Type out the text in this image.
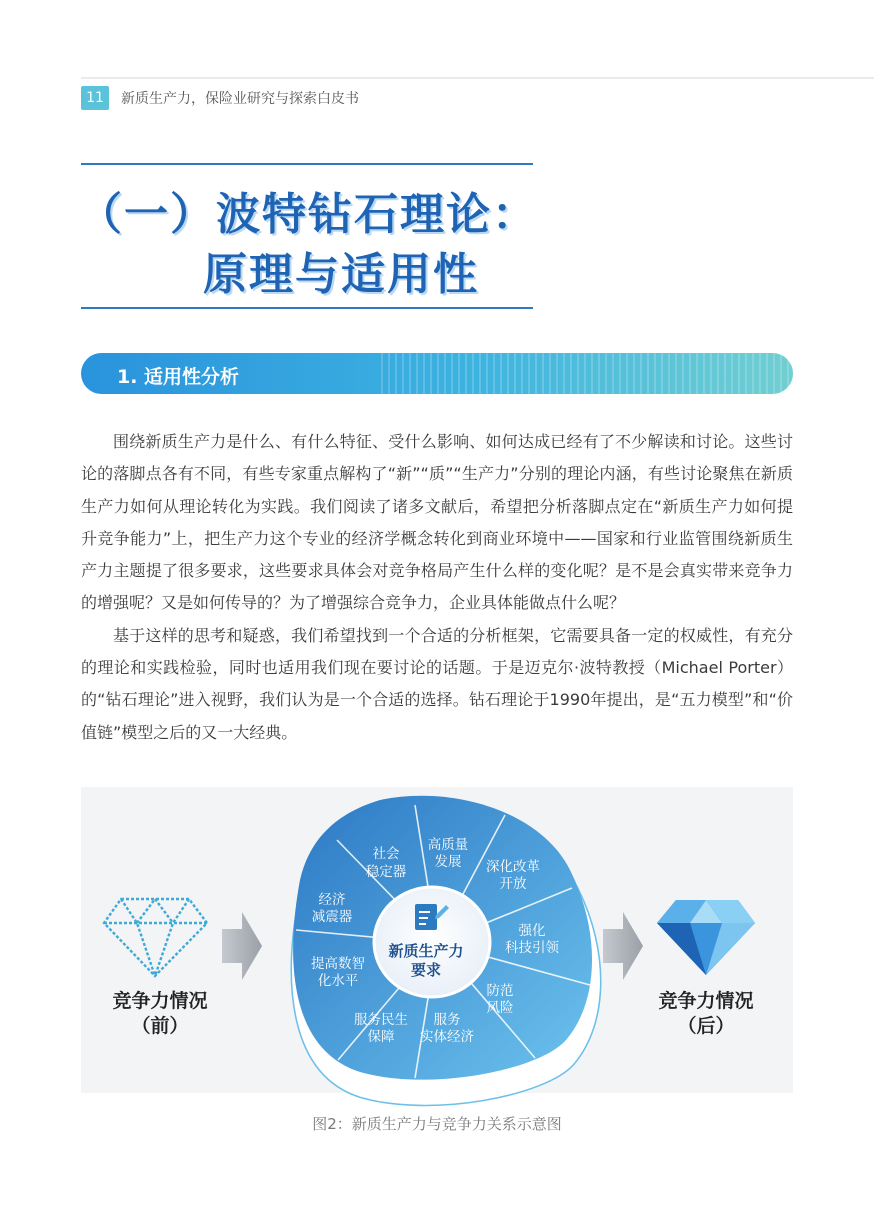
11	新质生产力，保险业研究与探索白皮书
（一）波特钻石理论：
原理与适用性
1. 适用性分析

围绕新质生产力是什么、有什么特征、受什么影响、如何达成已经有了不少解读和讨论。这些讨论的落脚点各有不同，有些专家重点解构了“新”“质”“生产力”分别的理论内涵，有些讨论聚焦在新质生产力如何从理论转化为实践。我们阅读了诸多文献后，希望把分析落脚点定在“新质生产力如何提升竞争能力”上，把生产力这个专业的经济学概念转化到商业环境中——国家和行业监管围绕新质生产力主题提了很多要求，这些要求具体会对竞争格局产生什么样的变化呢？是不是会真实带来竞争力的增强呢？又是如何传导的？为了增强综合竞争力，企业具体能做点什么呢？

基于这样的思考和疑惑，我们希望找到一个合适的分析框架，它需要具备一定的权威性，有充分的理论和实践检验，同时也适用我们现在要讨论的话题。于是迈克尔·波特教授（Michael Porter）的“钻石理论”进入视野，我们认为是一个合适的选择。钻石理论于1990年提出，是“五力模型”和“价值链”模型之后的又一大经典。

新质生产力
要求
社会
稳定器
高质量
发展 深化改革
开放
强化
科技引领
防范
风险
服务
实体经济
服务民生
保障
提高数智
化水平
经济
减震器
竞争力情况
（前）
竞争力情况
（后）
图2：新质生产力与竞争力关系示意图
